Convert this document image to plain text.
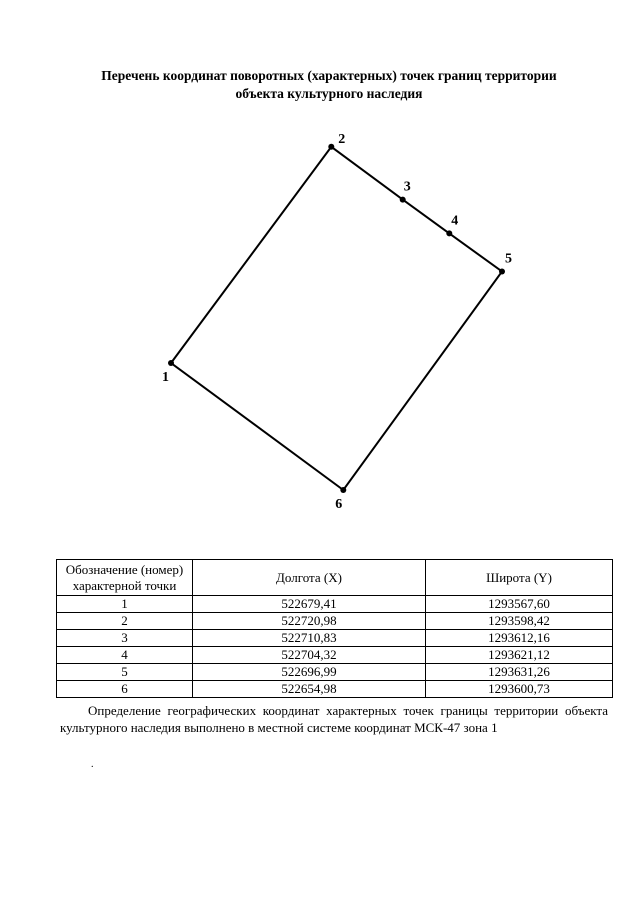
Перечень координат поворотных (характерных) точек границ территории
объекта культурного наследия
1
2
3
4
5
6
Обозначение (номер) характерной точки	Долгота (X)	Широта (Y)
1	522679,41	1293567,60
2	522720,98	1293598,42
3	522710,83	1293612,16
4	522704,32	1293621,12
5	522696,99	1293631,26
6	522654,98	1293600,73

Определение географических координат характерных точек границы территории объекта культурного наследия выполнено в местной системе координат МСК-47 зона 1

.
